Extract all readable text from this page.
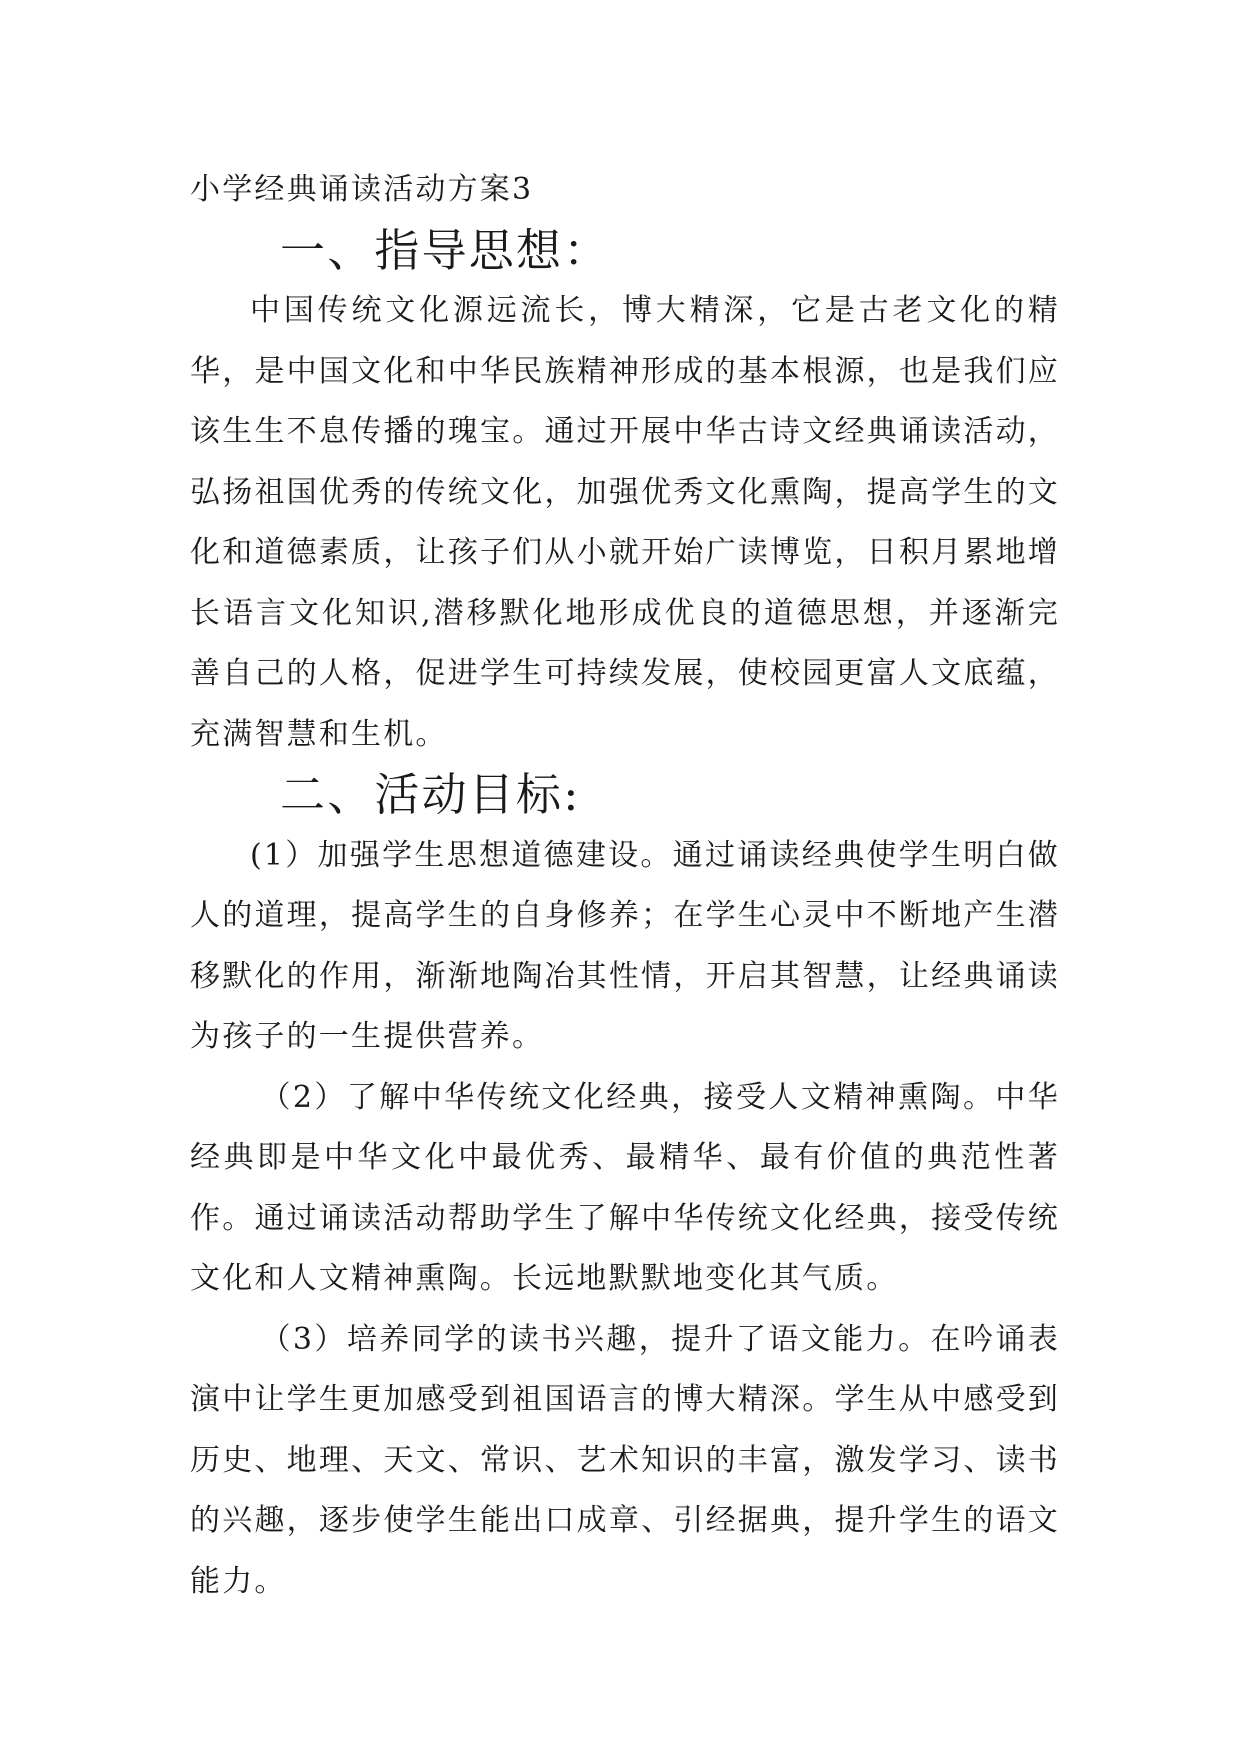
小学经典诵读活动方案3
一、指导思想：

中国传统文化源远流长，博大精深，它是古老文化的精华，是中国文化和中华民族精神形成的基本根源，也是我们应该生生不息传播的瑰宝。通过开展中华古诗文经典诵读活动，弘扬祖国优秀的传统文化，加强优秀文化熏陶，提高学生的文化和道德素质，让孩子们从小就开始广读博览，日积月累地增长语言文化知识,潜移默化地形成优良的道德思想，并逐渐完善自己的人格，促进学生可持续发展，使校园更富人文底蕴，充满智慧和生机。

二、活动目标:

(1）加强学生思想道德建设。通过诵读经典使学生明白做人的道理，提高学生的自身修养；在学生心灵中不断地产生潜移默化的作用，渐渐地陶冶其性情，开启其智慧，让经典诵读为孩子的一生提供营养。

（2）了解中华传统文化经典，接受人文精神熏陶。中华经典即是中华文化中最优秀、最精华、最有价值的典范性著作。通过诵读活动帮助学生了解中华传统文化经典，接受传统文化和人文精神熏陶。长远地默默地变化其气质。

（3）培养同学的读书兴趣，提升了语文能力。在吟诵表演中让学生更加感受到祖国语言的博大精深。学生从中感受到历史、地理、天文、常识、艺术知识的丰富，激发学习、读书的兴趣，逐步使学生能出口成章、引经据典，提升学生的语文能力。
